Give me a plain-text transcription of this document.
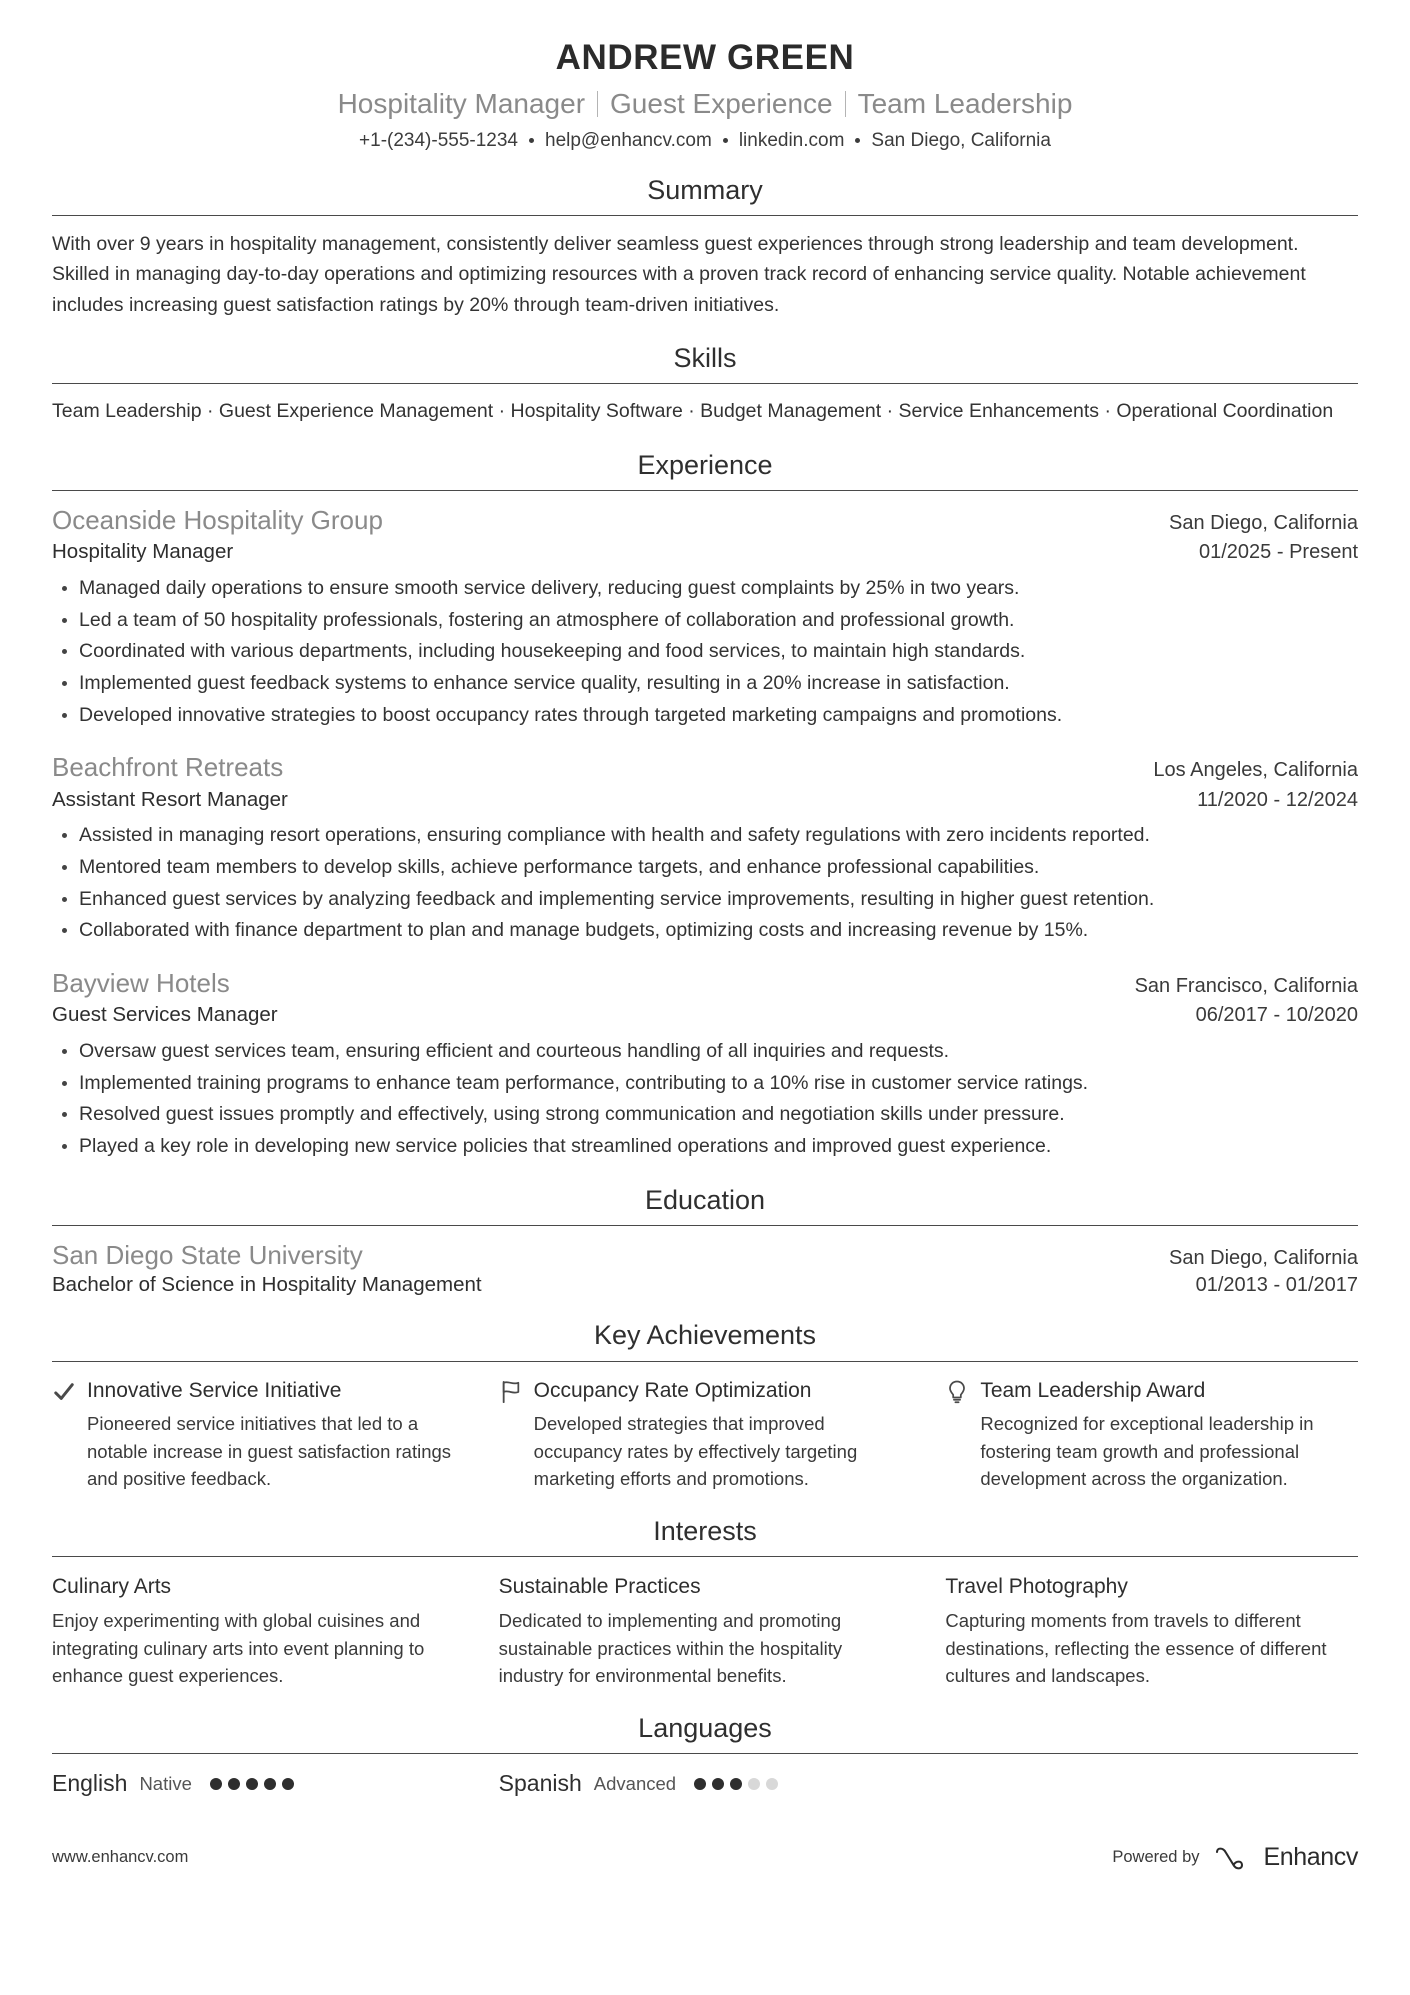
ANDREW GREEN
Hospitality Manager Guest Experience Team Leadership
+1-(234)-555-1234	help@enhancv.com	linkedin.com	San Diego, California
Summary
With over 9 years in hospitality management, consistently deliver seamless guest experiences through strong leadership and team development. Skilled in managing day-to-day operations and optimizing resources with a proven track record of enhancing service quality. Notable achievement includes increasing guest satisfaction ratings by 20% through team-driven initiatives.
Skills
Team Leadership · Guest Experience Management · Hospitality Software · Budget Management · Service Enhancements · Operational Coordination
Experience
Oceanside Hospitality Group	San Diego, California
Hospitality Manager	01/2025 - Present
Managed daily operations to ensure smooth service delivery, reducing guest complaints by 25% in two years.
Led a team of 50 hospitality professionals, fostering an atmosphere of collaboration and professional growth.
Coordinated with various departments, including housekeeping and food services, to maintain high standards.
Implemented guest feedback systems to enhance service quality, resulting in a 20% increase in satisfaction.
Developed innovative strategies to boost occupancy rates through targeted marketing campaigns and promotions.
Beachfront Retreats	Los Angeles, California
Assistant Resort Manager	11/2020 - 12/2024
Assisted in managing resort operations, ensuring compliance with health and safety regulations with zero incidents reported.
Mentored team members to develop skills, achieve performance targets, and enhance professional capabilities.
Enhanced guest services by analyzing feedback and implementing service improvements, resulting in higher guest retention.
Collaborated with finance department to plan and manage budgets, optimizing costs and increasing revenue by 15%.
Bayview Hotels	San Francisco, California
Guest Services Manager	06/2017 - 10/2020
Oversaw guest services team, ensuring efficient and courteous handling of all inquiries and requests.
Implemented training programs to enhance team performance, contributing to a 10% rise in customer service ratings.
Resolved guest issues promptly and effectively, using strong communication and negotiation skills under pressure.
Played a key role in developing new service policies that streamlined operations and improved guest experience.
Education
San Diego State University	San Diego, California
Bachelor of Science in Hospitality Management	01/2013 - 01/2017
Key Achievements
Innovative Service Initiative
Pioneered service initiatives that led to a notable increase in guest satisfaction ratings and positive feedback.
Occupancy Rate Optimization
Developed strategies that improved occupancy rates by effectively targeting marketing efforts and promotions.
Team Leadership Award
Recognized for exceptional leadership in fostering team growth and professional development across the organization.
Interests
Culinary Arts
Enjoy experimenting with global cuisines and integrating culinary arts into event planning to enhance guest experiences.
Sustainable Practices
Dedicated to implementing and promoting sustainable practices within the hospitality industry for environmental benefits.
Travel Photography
Capturing moments from travels to different destinations, reflecting the essence of different cultures and landscapes.
Languages
English Native	Spanish Advanced
www.enhancv.com	Powered by	Enhancv
